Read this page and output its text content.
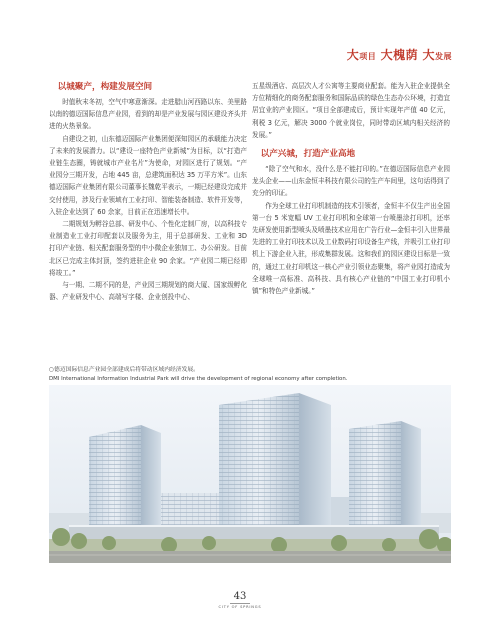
大项目 大槐荫 大发展
以城聚产，构建发展空间

时值秋末冬初，空气中寒意渐深。走进腊山河西路以东、美里路以南的德迈国际信息产业园，看到的却是产业发展与园区建设齐头并进的火热景象。

自建设之初，山东德迈国际产业集团便深知园区的承载能力决定了未来的发展潜力。以“建设一座特色产业新城”为目标，以“打造产业链生态圈，铸就城市产业名片”为使命，对园区进行了规划。“产业园分三期开发，占地 445 亩，总建筑面积达 35 万平方米”。山东德迈国际产业集团有限公司董事长魏乾平表示，一期已经建设完成并交付使用，涉及行业领域有工业打印、智能装备制造、软件开发等，入驻企业达到了 60 余家，目前正在迅速增长中。

二期规划为孵谷总部、研发中心、个性化定制厂房，以高科技专业制造业工业打印配套以及服务为主，用于总部研发、工业和 3D 打印产业链、相关配套服务型的中小微企业独加工、办公研发。目前北区已完成主体封顶，签约进驻企业 90 余家。“产业园二期已经即将竣工。”

与一期、二期不同的是，产业园三期规划的商大厦、国家级孵化器、产业研发中心、高端写字楼、企业创投中心、

五星级酒店、高层次人才公寓等主要商业配套。能为入驻企业提供全方位精细化的商务配套服务和国际品质的绿色生态办公环境，打造宜居宜业的产业园区。“项目全部建成后，预计实现年产值 40 亿元，利税 3 亿元，解决 3000 个就业岗位，同时带动区域内相关经济的发展。”

以产兴城，打造产业高地

“除了空气和水，没什么是不能打印的。”在德迈国际信息产业园龙头企业——山东金恒丰科技有限公司的生产车间里，这句话得到了充分的印证。

作为全球工业打印机制造的技术引领者，金恒丰不仅生产出全国第一台 5 米宽幅 UV 工业打印机和全球第一台喷墨涂打印机，还率先研发使用新型喷头及喷墨技术应用在广告行业—金恒丰引入世界最先进的工业打印技术以及工业数码打印设备生产线，并吸引工业打印机上下游企业入驻，形成集群发展。这和我们的园区建设目标是一致的，通过工业打印机这一核心产业引领业态聚集，将产业园打造成为全球唯一高标准、高科技、具有核心产业链的”中国工业打印机小镇”和特色产业新城。”

○德迈国际信息产业园全部建成后将带动区域内经济发展。
DMI International Information Industrial Park will drive the development of regional economy after completion.
43
CITY OF SPRINGS
